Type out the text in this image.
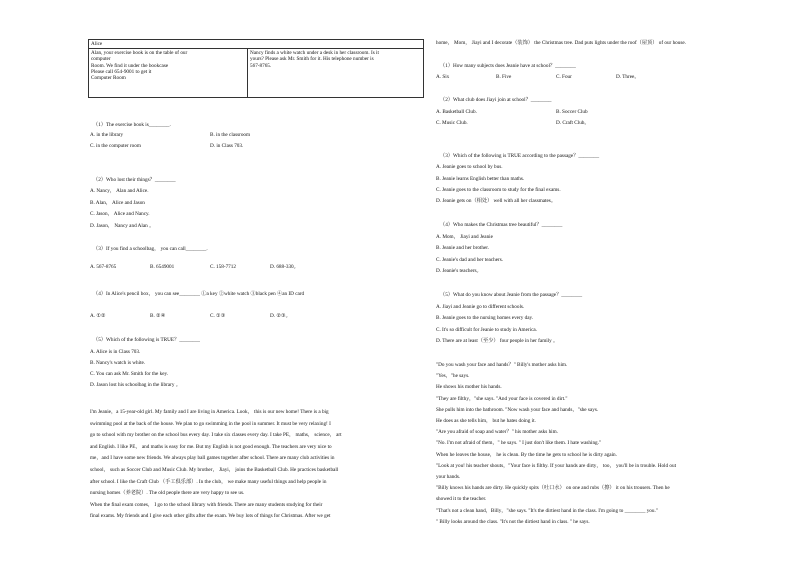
Alice

Alan, your exercise book is on the table of our
computer
Room. We find it under the bookcase
Please call 654-9001 to get it
Computer Room

Nancy finds a white watch under a desk in her classroom. Is it
yours? Please ask Mr. Smith for it. His telephone number is
567-8765.
（1）The exercise book is________.
A. in the library	B. in the classroom
C. in the computer room	D. in Class 703.
（2）Who lost their things？________
A. Nancy， Alan and Alice.
B. Alan， Alice and Jason
C. Jason， Alice and Nancy.
D. Jason， Nancy and Alan 。
（3）If you find a schoolbag， you can call________.
A. 567-8765	B. 6549001	C. 158-7712	D. 688-330。
（4）In Alice's pencil box， you can see________ ①a key ②white watch ③black pen ④an ID card
A. ①②	B. ②④	C. ①③	D. ②③。
（5）Which of the following is TRUE？________
A. Alice is in Class 703.
B. Nancy's watch is white.
C. You can ask Mr. Smith for the key.
D. Jason lost his schoolbag in the library 。
I'm Jeanie，a 15-year-old girl. My family and I are living in America. Look， this is our new home! There is a big
swimming pool at the back of the house. We plan to go swimming in the pool in summer. It must be very relaxing! I
go to school with my brother on the school bus every day. I take six classes every day. I take PE， maths， science， art
and English. I like PE， and maths is easy for me. But my English is not good enough. The teachers are very nice to
me，and I have some new friends. We always play ball games together after school. There are many club activities in
school， such as Soccer Club and Music Club. My brother， Jiayi， joins the Basketball Club. He practices basketball
after school. I like the Craft Club （手工俱乐部）. In the club， we make many useful things and help people in
nursing homes（养老院）. The old people there are very happy to see us.
When the final exam comes， I go to the school library with friends. There are many students studying for their
final exams. My friends and I give each other gifts after the exam. We buy lots of things for Christmas. After we get
home， Mom， Jiayi and I decorate（装饰） the Christmas tree. Dad puts lights under the roof（屋顶） of our house.
（1）How many subjects does Jeanie have at school？________
A. Six	B. Five	C. Four	D. Three。
（2）What club does Jiayi join at school？________
A. Basketball Club.	B. Soccer Club
C. Music Club.	D. Craft Club。
（3）Which of the following is TRUE according to the passage？________
A. Jeanie goes to school by bus.
B. Jeanie learns English better than maths.
C. Jeanie goes to the classroom to study for the final exams.
D. Jeanie gets on（相处） well with all her classmates。
（4）Who makes the Christmas tree beautiful？________
A. Mom， Jiayi and Jeanie
B. Jeanie and her brother.
C. Jeanie's dad and her teachers.
D. Jeanie's teachers。
（5）What do you know about Jeanie from the passage？________
A. Jiayi and Jeanie go to different schools.
B. Jeanie goes to the nursing homes every day.
C. It's so difficult for Jeanie to study in America.
D. There are at least（至少） four people in her family 。
"Do you wash your face and hands？" Billy's mother asks him.
"Yes，"he says.
He shows his mother his hands.
"They are filthy，"she says. "And your face is covered in dirt."
She pulls him into the bathroom. "Now wash your face and hands，"she says.
He does as she tells him， but he hates doing it.
"Are you afraid of soap and water？" his mother asks him.
"No. I'm not afraid of them，" he says. " I just don't like them. I hate washing."
When he leaves the house， he is clean. By the time he gets to school he is dirty again.
"Look at you! his teacher shouts，"Your face is filthy. If your hands are dirty， too， you'll be in trouble. Hold out
your hands.
"Billy knows his hands are dirty. He quickly spits（吐口水） on one and rubs（擦） it on his trousers. Then he
showed it to the teacher.
"That's not a clean hand，Billy，"she says. "It's the dirtiest hand in the class. I'm going to ________ you."
" Billy looks around the class. "It's not the dirtiest hand in class. " he says.
